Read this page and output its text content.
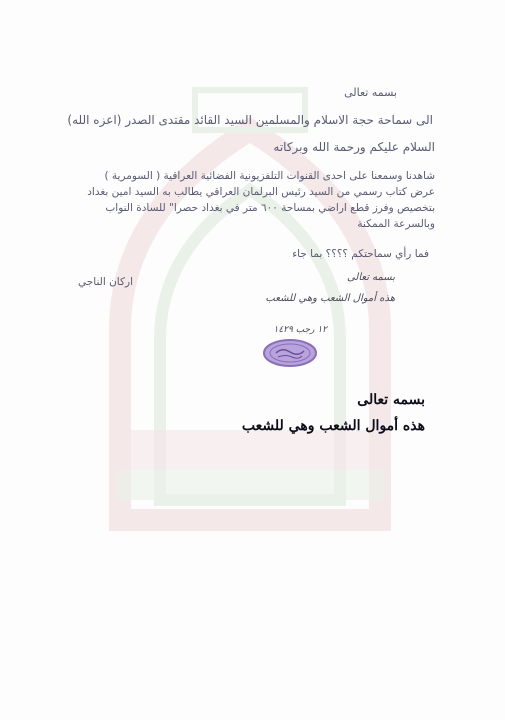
بسمه تعالى
الى سماحة حجة الاسلام والمسلمين السيد القائد مقتدى الصدر (اعزه الله)
السلام عليكم ورحمة الله وبركاته
شاهدنا وسمعنا على احدى القنوات التلفزيونية الفضائية العراقية ( السومرية )
عرض كتاب رسمي من السيد رئيس البرلمان العراقي يطالب به السيد امين بغداد
بتخصيص وفرز قطع اراضي بمساحة ٦٠٠ متر في بغداد حصرا" للسادة النواب
وبالسرعة الممكنة
فما رأي سماحتكم ؟؟؟؟ بما جاء
اركان الناجي	بسمه تعالى
هذه أموال الشعب وهي للشعب
١٢ رجب ١٤٢٩
بسمه تعالى
هذه أموال الشعب وهي للشعب
